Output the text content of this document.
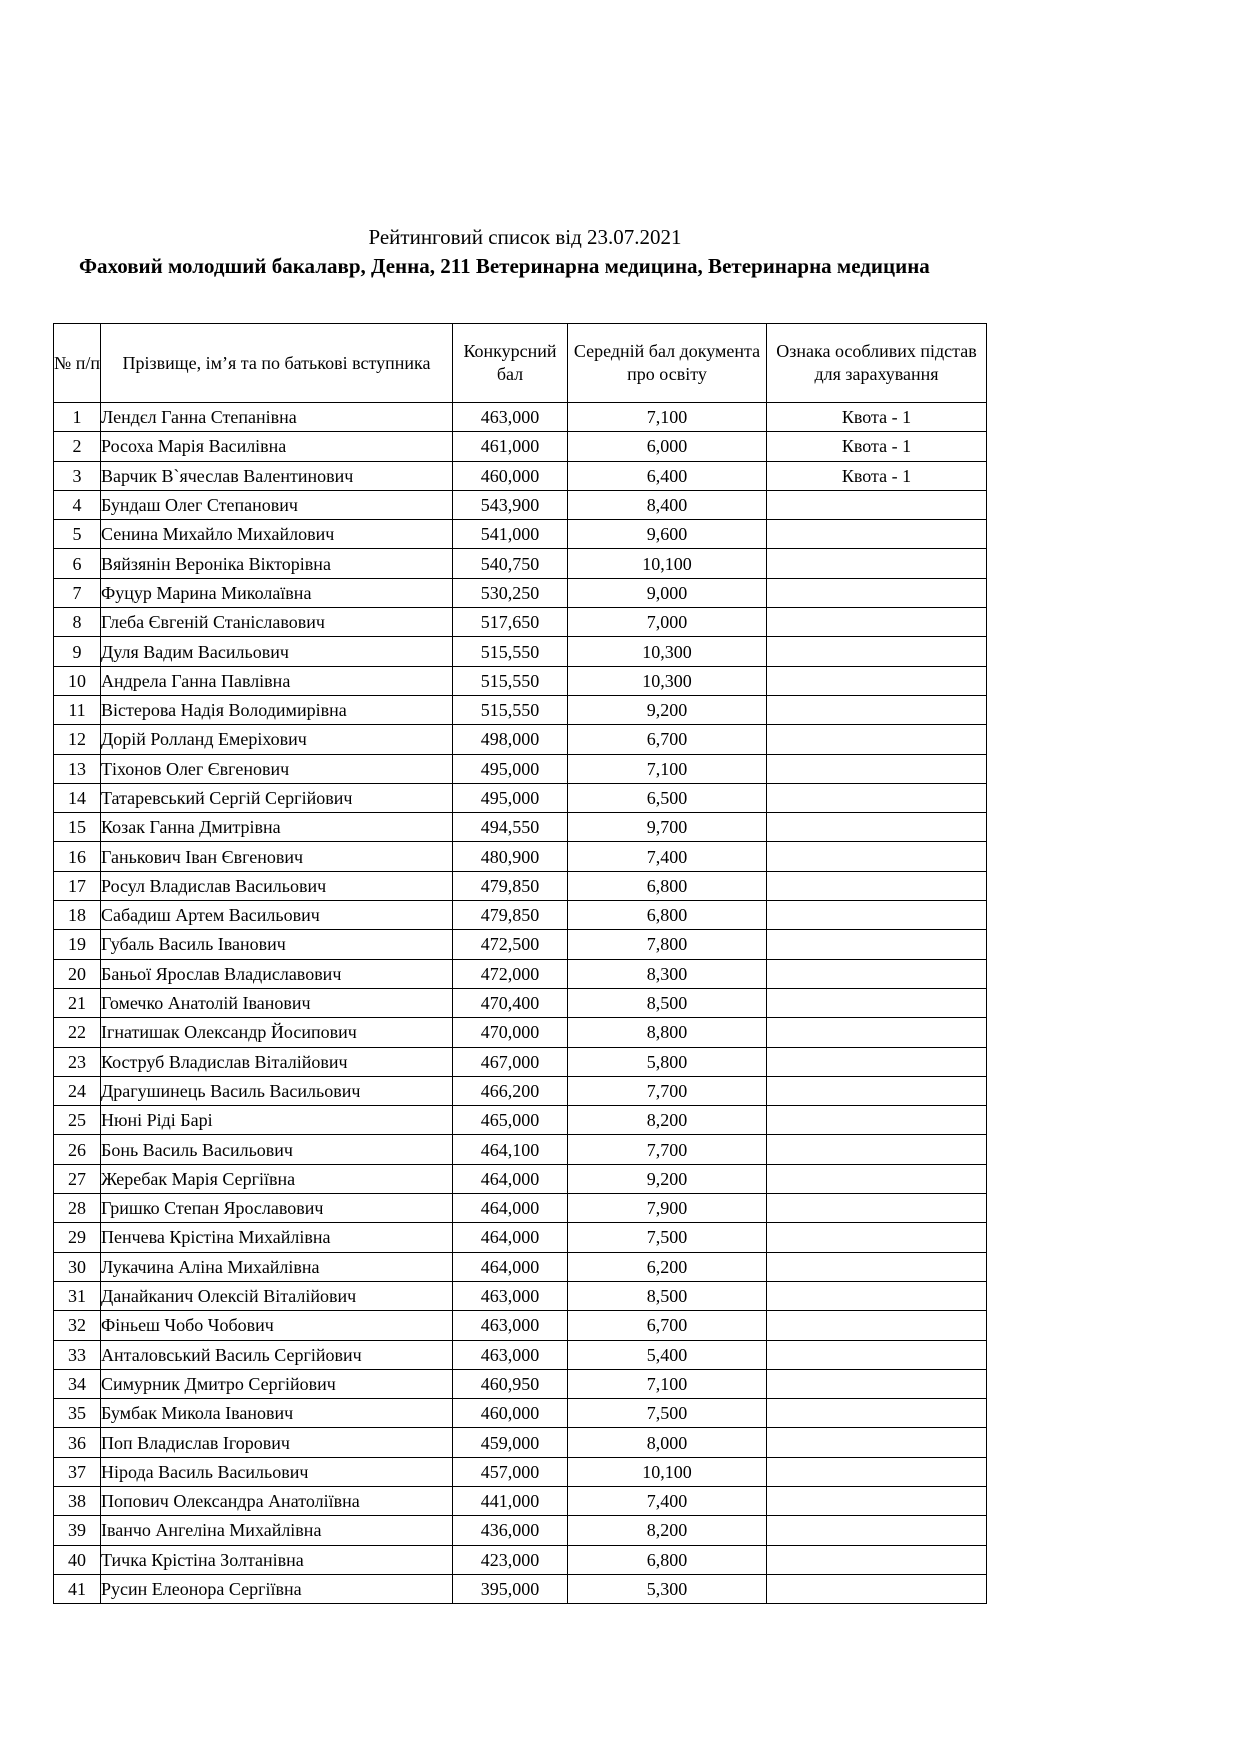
Рейтинговий список від 23.07.2021
Фаховий молодший бакалавр, Денна, 211 Ветеринарна медицина, Ветеринарна медицина
№ п/п	Прізвище, ім’я та по батькові вступника	Конкурсний бал	Середній бал документа про освіту	Ознака особливих підстав для зарахування
1	Лендєл Ганна Степанівна	463,000	7,100	Квота - 1
2	Росоха Марія Василівна	461,000	6,000	Квота - 1
3	Варчик В`ячеслав Валентинович	460,000	6,400	Квота - 1
4	Бундаш Олег Степанович	543,900	8,400	
5	Сенина Михайло Михайлович	541,000	9,600	
6	Вяйзянін Вероніка Вікторівна	540,750	10,100	
7	Фуцур Марина Миколаївна	530,250	9,000	
8	Глеба Євгеній Станіславович	517,650	7,000	
9	Дуля Вадим Васильович	515,550	10,300	
10	Андрела Ганна Павлівна	515,550	10,300	
11	Вістерова Надія Володимирівна	515,550	9,200	
12	Дорій Ролланд Емеріхович	498,000	6,700	
13	Тіхонов Олег Євгенович	495,000	7,100	
14	Татаревський Сергій Сергійович	495,000	6,500	
15	Козак Ганна Дмитрівна	494,550	9,700	
16	Ганькович Іван Євгенович	480,900	7,400	
17	Росул Владислав Васильович	479,850	6,800	
18	Сабадиш Артем Васильович	479,850	6,800	
19	Губаль Василь Іванович	472,500	7,800	
20	Баньої Ярослав Владиславович	472,000	8,300	
21	Гомечко Анатолій Іванович	470,400	8,500	
22	Ігнатишак Олександр Йосипович	470,000	8,800	
23	Коструб Владислав Віталійович	467,000	5,800	
24	Драгушинець Василь Васильович	466,200	7,700	
25	Нюні Ріді Барі	465,000	8,200	
26	Бонь Василь Васильович	464,100	7,700	
27	Жеребак Марія Сергіївна	464,000	9,200	
28	Гришко Степан Ярославович	464,000	7,900	
29	Пенчева Крістіна Михайлівна	464,000	7,500	
30	Лукачина Аліна Михайлівна	464,000	6,200	
31	Данайканич Олексій Віталійович	463,000	8,500	
32	Фіньеш Чобо Чобович	463,000	6,700	
33	Анталовський Василь Сергійович	463,000	5,400	
34	Симурник Дмитро Сергійович	460,950	7,100	
35	Бумбак Микола Іванович	460,000	7,500	
36	Поп Владислав Ігорович	459,000	8,000	
37	Нірода Василь Васильович	457,000	10,100	
38	Попович Олександра Анатоліївна	441,000	7,400	
39	Іванчо Ангеліна Михайлівна	436,000	8,200	
40	Тичка Крістіна Золтанівна	423,000	6,800	
41	Русин Елеонора Сергіївна	395,000	5,300	
